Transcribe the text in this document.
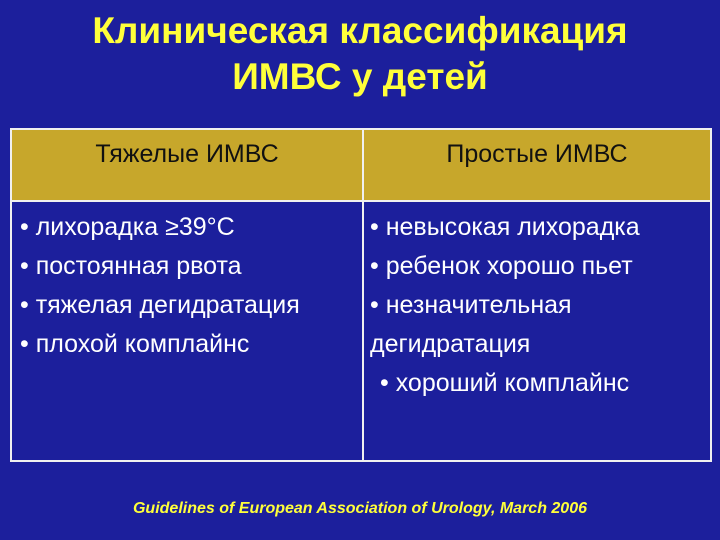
Клиническая классификация
ИМВС у детей
Тяжелые ИМВС	Простые ИМВС
• лихорадка ≥39°С
• постоянная рвота
• тяжелая дегидратация
• плохой комплайнс
• невысокая лихорадка
• ребенок хорошо пьет
• незначительная дегидратация
• хороший комплайнс
Guidelines of European Association of Urology, March 2006
